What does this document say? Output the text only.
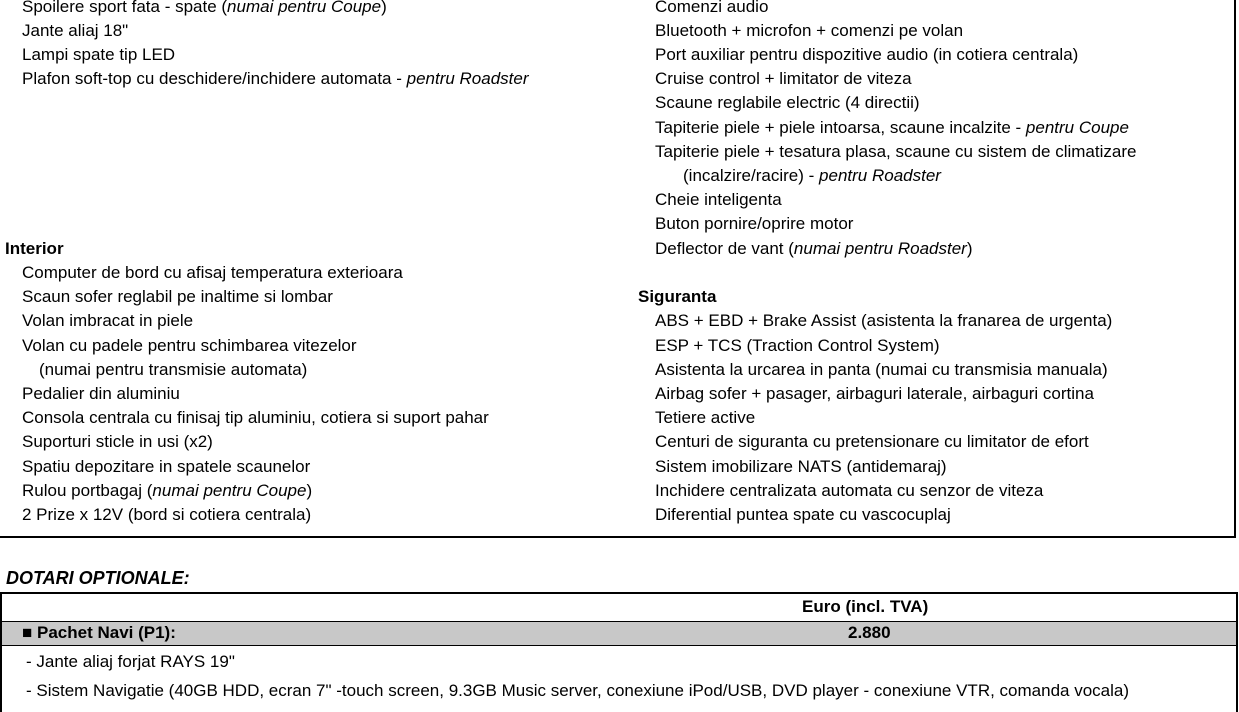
Spoilere sport fata - spate (numai pentru Coupe)
Jante aliaj 18"
Lampi spate tip LED
Plafon soft-top cu deschidere/inchidere automata - pentru Roadster
Interior
Computer de bord cu afisaj temperatura exterioara
Scaun sofer reglabil pe inaltime si lombar
Volan imbracat in piele
Volan cu padele pentru schimbarea vitezelor
(numai pentru transmisie automata)
Pedalier din aluminiu
Consola centrala cu finisaj tip aluminiu, cotiera si suport pahar
Suporturi sticle in usi (x2)
Spatiu depozitare in spatele scaunelor
Rulou portbagaj (numai pentru Coupe)
2 Prize x 12V (bord si cotiera centrala)
Comenzi audio
Bluetooth + microfon + comenzi pe volan
Port auxiliar pentru dispozitive audio (in cotiera centrala)
Cruise control + limitator de viteza
Scaune reglabile electric (4 directii)
Tapiterie piele + piele intoarsa, scaune incalzite - pentru Coupe
Tapiterie piele + tesatura plasa, scaune cu sistem de climatizare
(incalzire/racire) - pentru Roadster
Cheie inteligenta
Buton pornire/oprire motor
Deflector de vant (numai pentru Roadster)
Siguranta
ABS + EBD + Brake Assist (asistenta la franarea de urgenta)
ESP + TCS (Traction Control System)
Asistenta la urcarea in panta (numai cu transmisia manuala)
Airbag sofer + pasager, airbaguri laterale, airbaguri cortina
Tetiere active
Centuri de siguranta cu pretensionare cu limitator de efort
Sistem imobilizare NATS (antidemaraj)
Inchidere centralizata automata cu senzor de viteza
Diferential puntea spate cu vascocuplaj
DOTARI OPTIONALE:
Euro (incl. TVA)
■ Pachet Navi (P1):	2.880
- Jante aliaj forjat RAYS 19"
- Sistem Navigatie (40GB HDD, ecran 7" -touch screen, 9.3GB Music server, conexiune iPod/USB, DVD player - conexiune VTR, comanda vocala)
